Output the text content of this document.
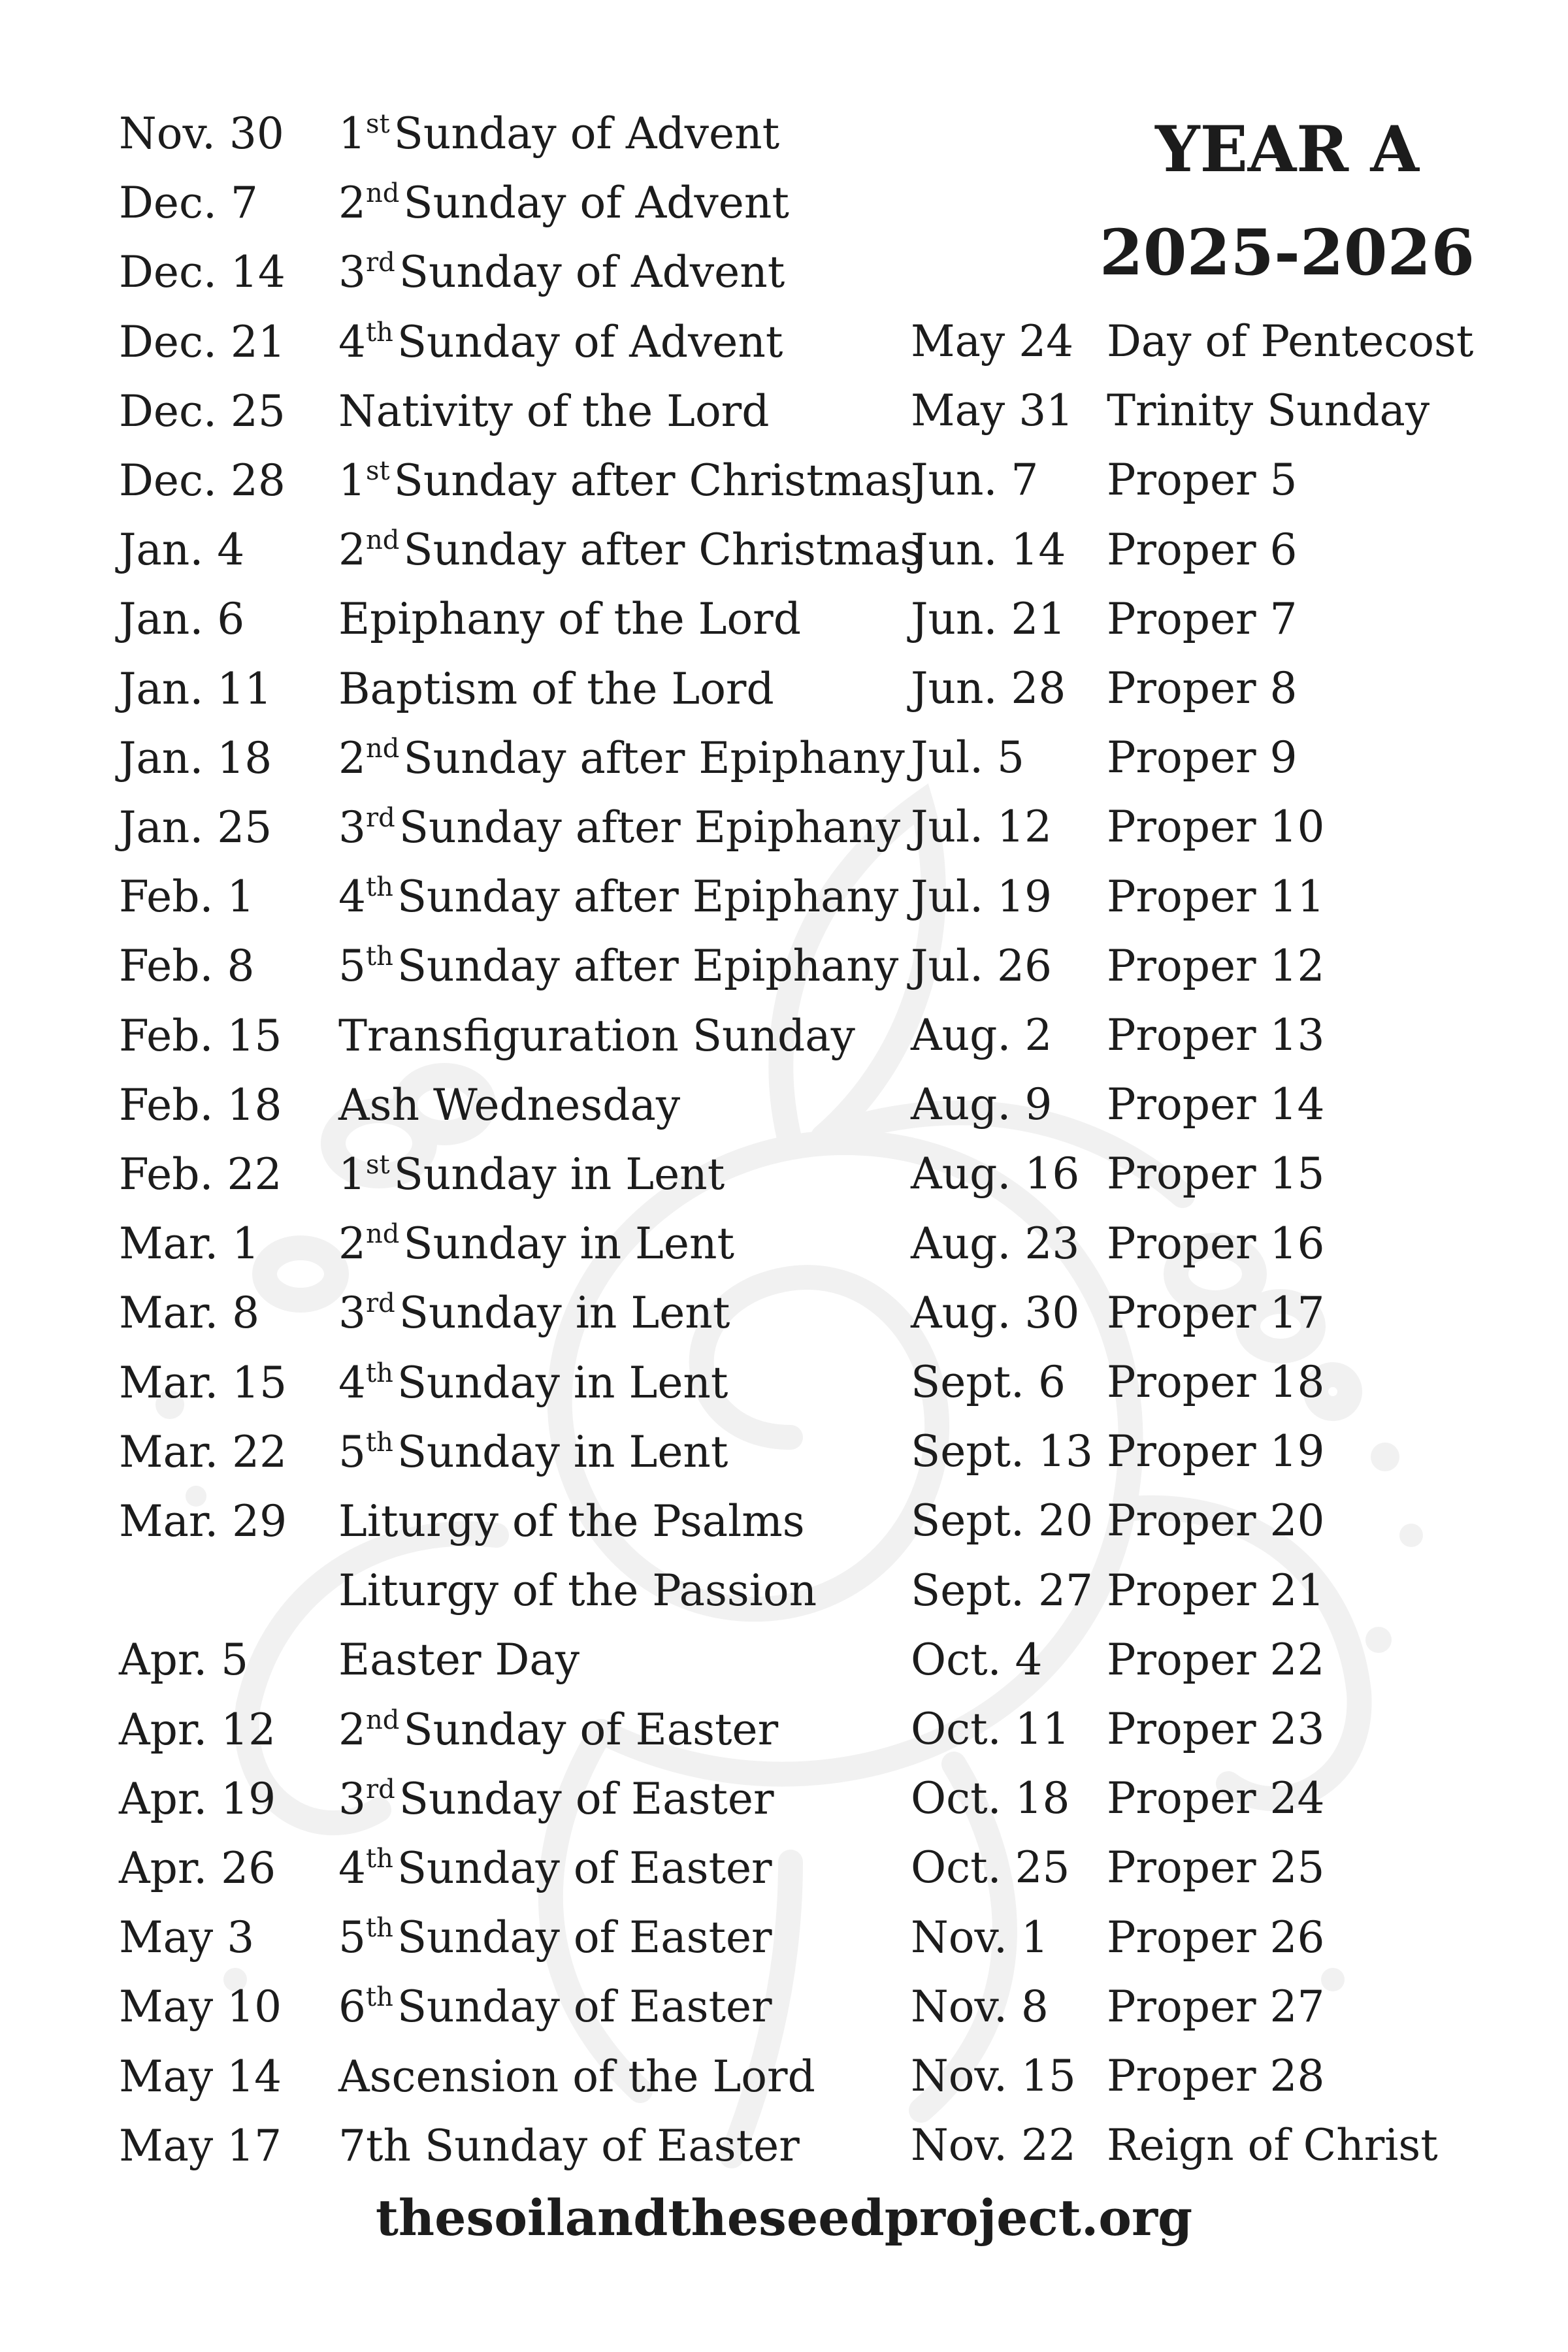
YEAR A
2025-2026
Nov. 30 1stSunday of Advent
Dec. 7 2ndSunday of Advent
Dec. 14 3rdSunday of Advent
Dec. 21 4thSunday of Advent
Dec. 25 Nativity of the Lord
Dec. 28 1stSunday after Christmas
Jan. 4 2ndSunday after Christmas
Jan. 6 Epiphany of the Lord
Jan. 11 Baptism of the Lord
Jan. 18 2ndSunday after Epiphany
Jan. 25 3rdSunday after Epiphany
Feb. 1 4thSunday after Epiphany
Feb. 8 5thSunday after Epiphany
Feb. 15 Transfiguration Sunday
Feb. 18 Ash Wednesday
Feb. 22 1stSunday in Lent
Mar. 1 2ndSunday in Lent
Mar. 8 3rdSunday in Lent
Mar. 15 4thSunday in Lent
Mar. 22 5thSunday in Lent
Mar. 29 Liturgy of the Psalms
Liturgy of the Passion
Apr. 5 Easter Day
Apr. 12 2ndSunday of Easter
Apr. 19 3rdSunday of Easter
Apr. 26 4thSunday of Easter
May 3 5thSunday of Easter
May 10 6thSunday of Easter
May 14 Ascension of the Lord
May 17 7th Sunday of Easter
May 24 Day of Pentecost
May 31 Trinity Sunday
Jun. 7 Proper 5
Jun. 14 Proper 6
Jun. 21 Proper 7
Jun. 28 Proper 8
Jul. 5 Proper 9
Jul. 12 Proper 10
Jul. 19 Proper 11
Jul. 26 Proper 12
Aug. 2 Proper 13
Aug. 9 Proper 14
Aug. 16 Proper 15
Aug. 23 Proper 16
Aug. 30 Proper 17
Sept. 6 Proper 18
Sept. 13 Proper 19
Sept. 20 Proper 20
Sept. 27 Proper 21
Oct. 4 Proper 22
Oct. 11 Proper 23
Oct. 18 Proper 24
Oct. 25 Proper 25
Nov. 1 Proper 26
Nov. 8 Proper 27
Nov. 15 Proper 28
Nov. 22 Reign of Christ
thesoilandtheseedproject.org
